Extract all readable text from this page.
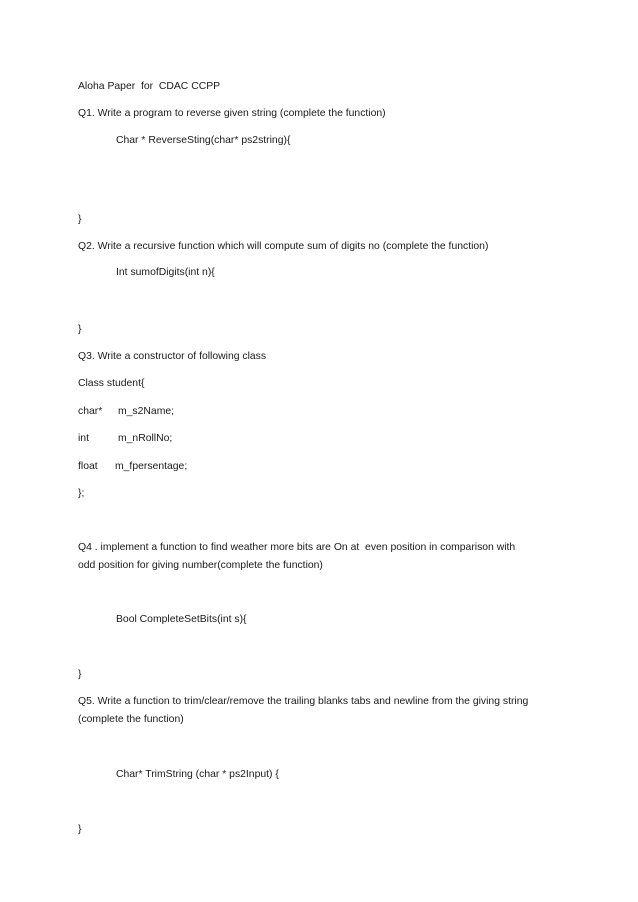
Aloha Paper  for  CDAC CCPP
Q1. Write a program to reverse given string (complete the function)
Char * ReverseSting(char* ps2string){
}
Q2. Write a recursive function which will compute sum of digits no (complete the function)
Int sumofDigits(int n){
}
Q3. Write a constructor of following class
Class student{
char* m_s2Name;
int	m_nRollNo;
float m_fpersentage;
};
Q4 . implement a function to find weather more bits are On at  even position in comparison with
odd position for giving number(complete the function)
Bool CompleteSetBits(int s){
}
Q5. Write a function to trim/clear/remove the trailing blanks tabs and newline from the giving string
(complete the function)
Char* TrimString (char * ps2Input) {
}
